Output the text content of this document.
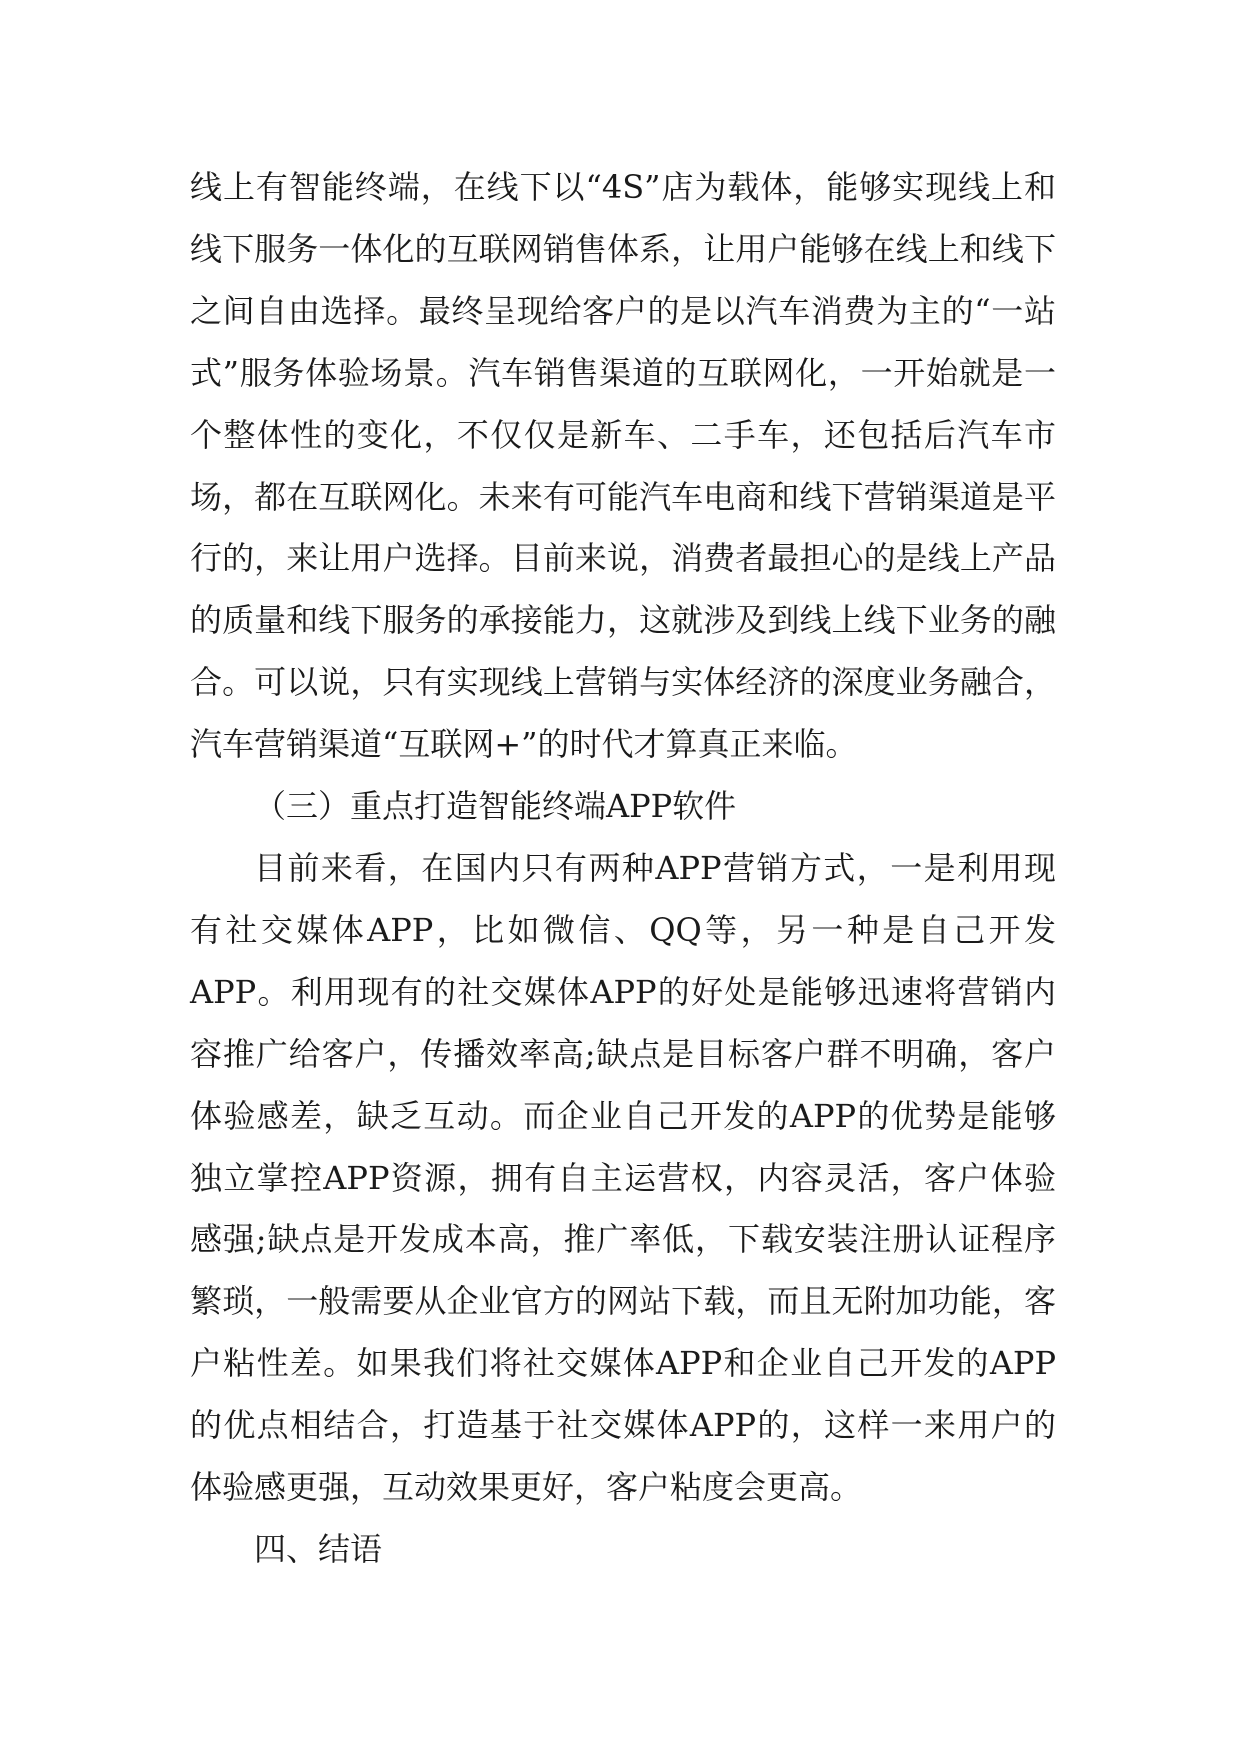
线上有智能终端，在线下以“4S”店为载体，能够实现线上和线下服务一体化的互联网销售体系，让用户能够在线上和线下之间自由选择。最终呈现给客户的是以汽车消费为主的“一站式”服务体验场景。汽车销售渠道的互联网化，一开始就是一个整体性的变化，不仅仅是新车、二手车，还包括后汽车市场，都在互联网化。未来有可能汽车电商和线下营销渠道是平行的，来让用户选择。目前来说，消费者最担心的是线上产品的质量和线下服务的承接能力，这就涉及到线上线下业务的融合。可以说，只有实现线上营销与实体经济的深度业务融合，汽车营销渠道“互联网+”的时代才算真正来临。

（三）重点打造智能终端APP软件

目前来看，在国内只有两种APP营销方式，一是利用现有社交媒体APP，比如微信、QQ等，另一种是自己开发APP。利用现有的社交媒体APP的好处是能够迅速将营销内容推广给客户，传播效率高;缺点是目标客户群不明确，客户体验感差，缺乏互动。而企业自己开发的APP的优势是能够独立掌控APP资源，拥有自主运营权，内容灵活，客户体验感强;缺点是开发成本高，推广率低，下载安装注册认证程序繁琐，一般需要从企业官方的网站下载，而且无附加功能，客户粘性差。如果我们将社交媒体APP和企业自己开发的APP的优点相结合，打造基于社交媒体APP的，这样一来用户的体验感更强，互动效果更好，客户粘度会更高。

四、结语
